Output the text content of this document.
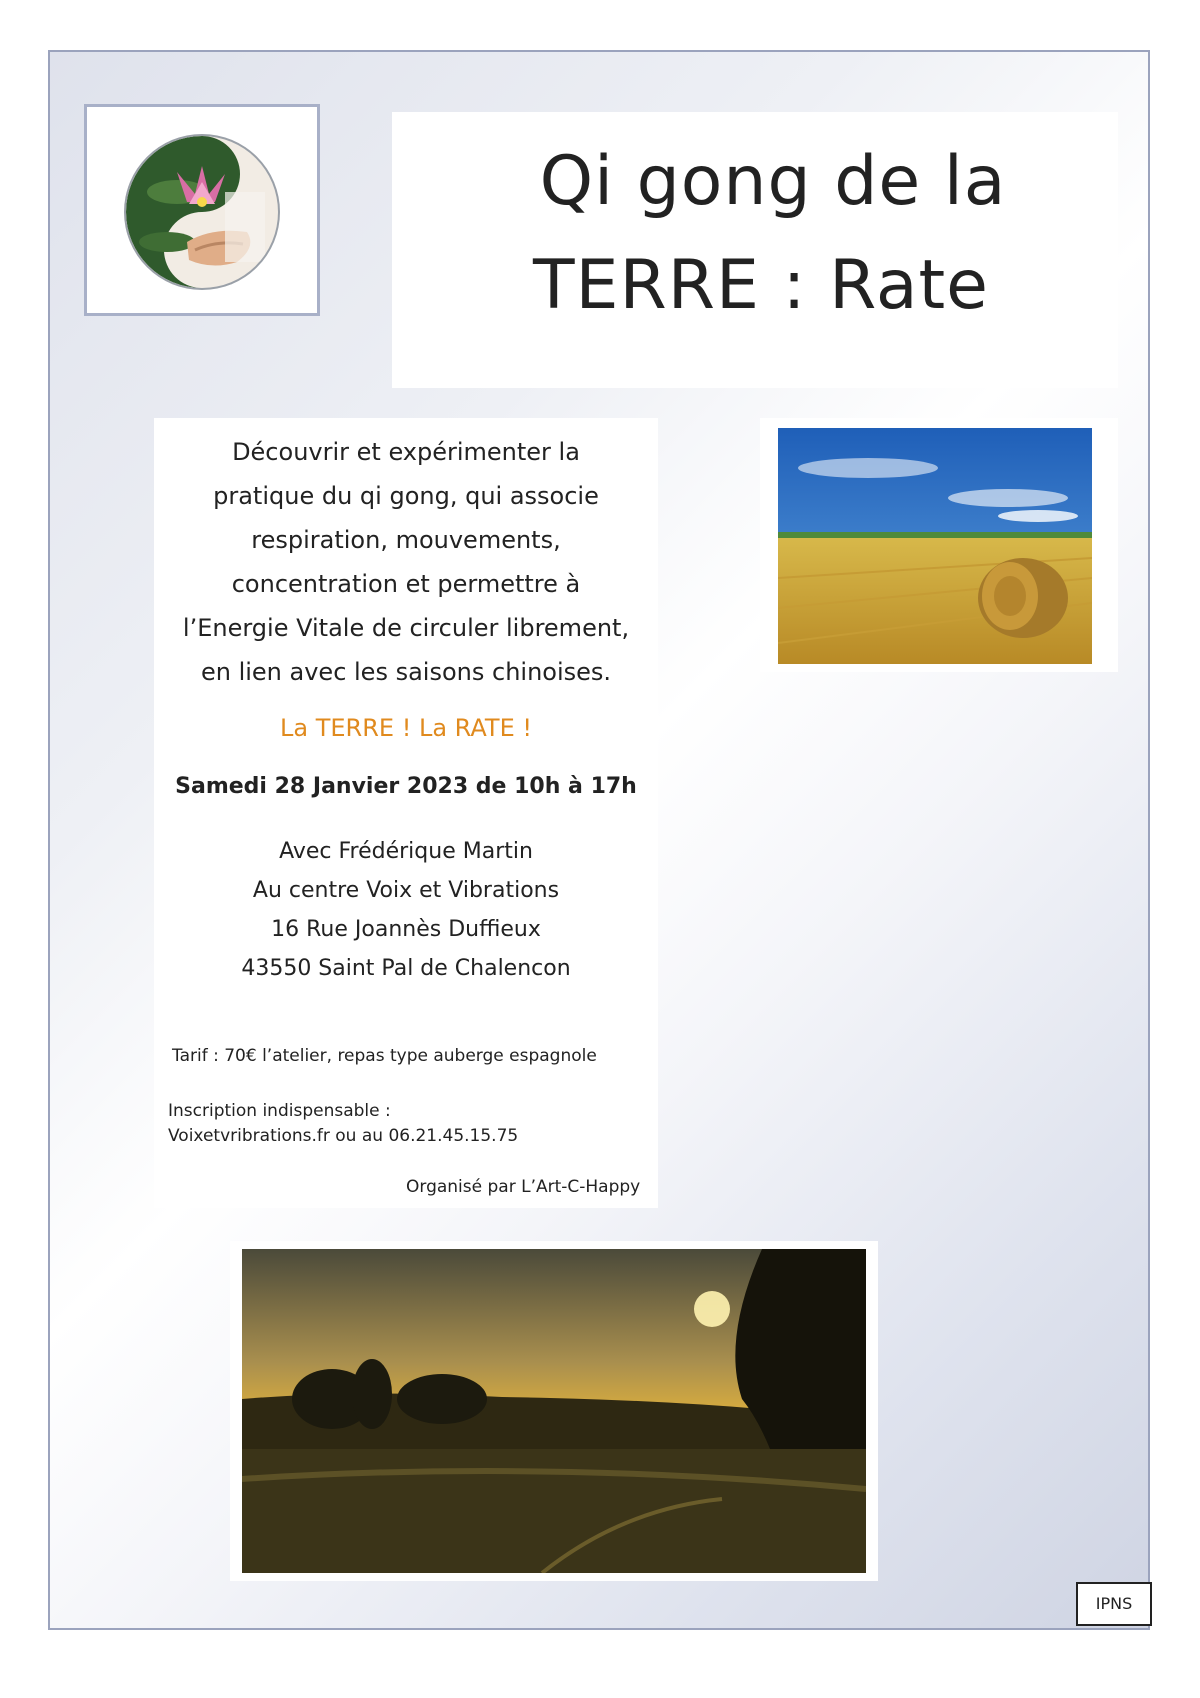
Qi gong de la
TERRE : Rate
Découvrir et expérimenter la
pratique du qi gong, qui associe
respiration, mouvements,
concentration et permettre à
l’Energie Vitale de circuler librement,
en lien avec les saisons chinoises.
La TERRE ! La RATE !
Samedi 28 Janvier 2023 de 10h à 17h
Avec Frédérique Martin
Au centre Voix et Vibrations
16 Rue Joannès Duffieux
43550 Saint Pal de Chalencon
Tarif : 70€ l’atelier, repas type auberge espagnole
Inscription indispensable :
Voixetvribrations.fr ou au 06.21.45.15.75
Organisé par L’Art-C-Happy
IPNS
